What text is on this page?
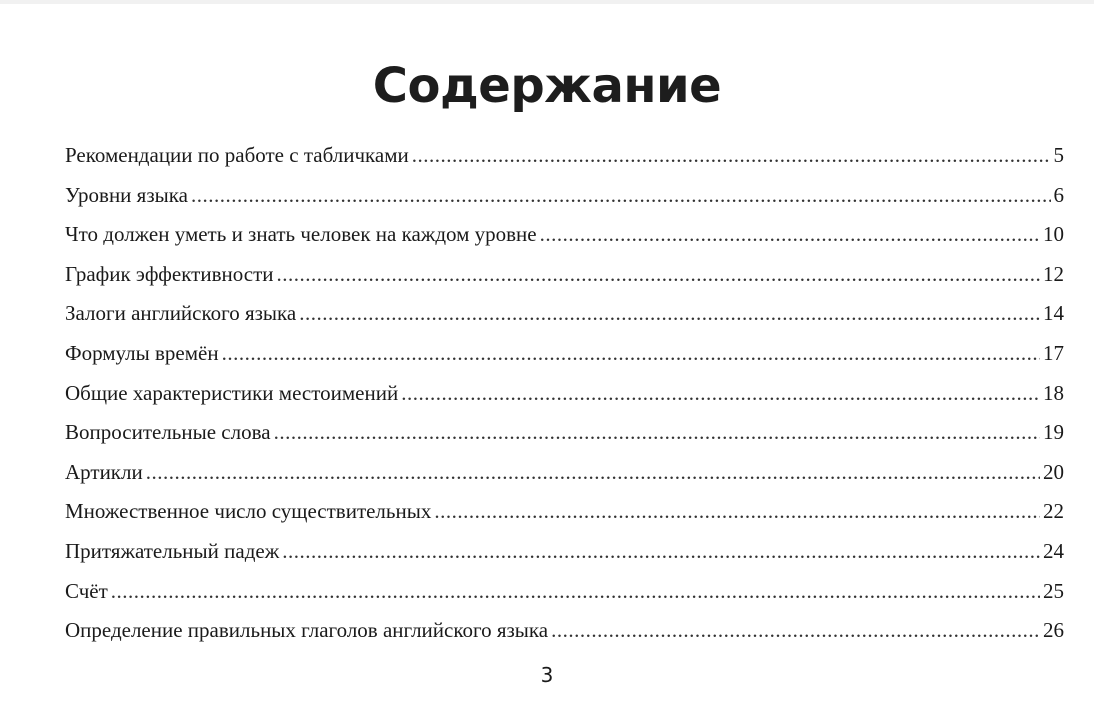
Содержание
Рекомендации по работе с табличками .....	5
Уровни языка .....	6
Что должен уметь и знать человек на каждом уровне .....	10
График эффективности .....	12
Залоги английского языка .....	14
Формулы времён .....	17
Общие характеристики местоимений .....	18
Вопросительные слова .....	19
Артикли .....	20
Множественное число существительных .....	22
Притяжательный падеж .....	24
Счёт .....	25
Определение правильных глаголов английского языка .....	26
3
